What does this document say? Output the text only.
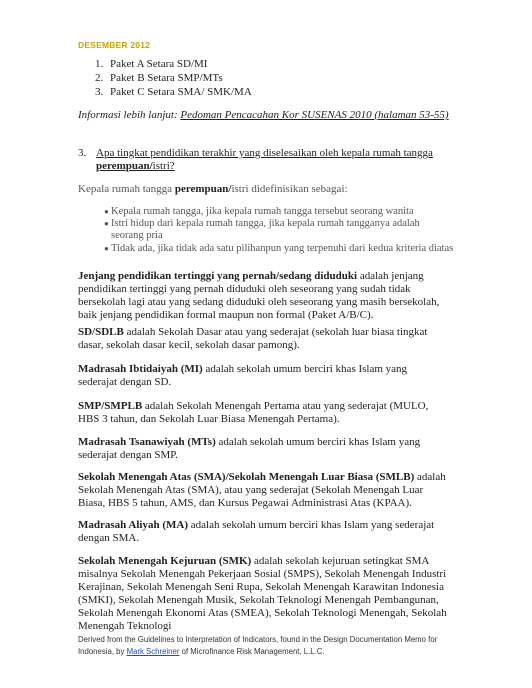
DESEMBER 2012
1. Paket A Setara SD/MI
2. Paket B Setara SMP/MTs
3. Paket C Setara SMA/ SMK/MA
Informasi lebih lanjut: Pedoman Pencacahan Kor SUSENAS 2010 (halaman 53-55)
3. Apa tingkat pendidikan terakhir yang diselesaikan oleh kepala rumah tangga perempuan/istri?
Kepala rumah tangga perempuan/istri didefinisikan sebagai:
● Kepala rumah tangga, jika kepala rumah tangga tersebut seorang wanita
● Istri hidup dari kepala rumah tangga, jika kepala rumah tangganya adalah seorang pria
● Tidak ada, jika tidak ada satu pilihanpun yang terpenuhi dari kedua kriteria diatas
Jenjang pendidikan tertinggi yang pernah/sedang diduduki adalah jenjang pendidikan tertinggi yang pernah diduduki oleh seseorang yang sudah tidak bersekolah lagi atau yang sedang diduduki oleh seseorang yang masih bersekolah, baik jenjang pendidikan formal maupun non formal (Paket A/B/C).
SD/SDLB adalah Sekolah Dasar atau yang sederajat (sekolah luar biasa tingkat dasar, sekolah dasar kecil, sekolah dasar pamong).
Madrasah Ibtidaiyah (MI) adalah sekolah umum berciri khas Islam yang sederajat dengan SD.
SMP/SMPLB adalah Sekolah Menengah Pertama atau yang sederajat (MULO, HBS 3 tahun, dan Sekolah Luar Biasa Menengah Pertama).
Madrasah Tsanawiyah (MTs) adalah sekolah umum berciri khas Islam yang sederajat dengan SMP.
Sekolah Menengah Atas (SMA)/Sekolah Menengah Luar Biasa (SMLB) adalah Sekolah Menengah Atas (SMA), atau yang sederajat (Sekolah Menengah Luar Biasa, HBS 5 tahun, AMS, dan Kursus Pegawai Administrasi Atas (KPAA).
Madrasah Aliyah (MA) adalah sekolah umum berciri khas Islam yang sederajat dengan SMA.
Sekolah Menengah Kejuruan (SMK) adalah sekolah kejuruan setingkat SMA misalnya Sekolah Menengah Pekerjaan Sosial (SMPS), Sekolah Menengah Industri Kerajinan, Sekolah Menengah Seni Rupa, Sekolah Menengah Karawitan Indonesia (SMKI), Sekolah Menengah Musik, Sekolah Teknologi Menengah Pembangunan, Sekolah Menengah Ekonomi Atas (SMEA), Sekolah Teknologi Menengah, Sekolah Menengah Teknologi
Derived from the Guidelines to Interpretation of Indicators, found in the Design Documentation Memo for
Indonesia, by Mark Schreiner of Microfinance Risk Management, L.L.C.
